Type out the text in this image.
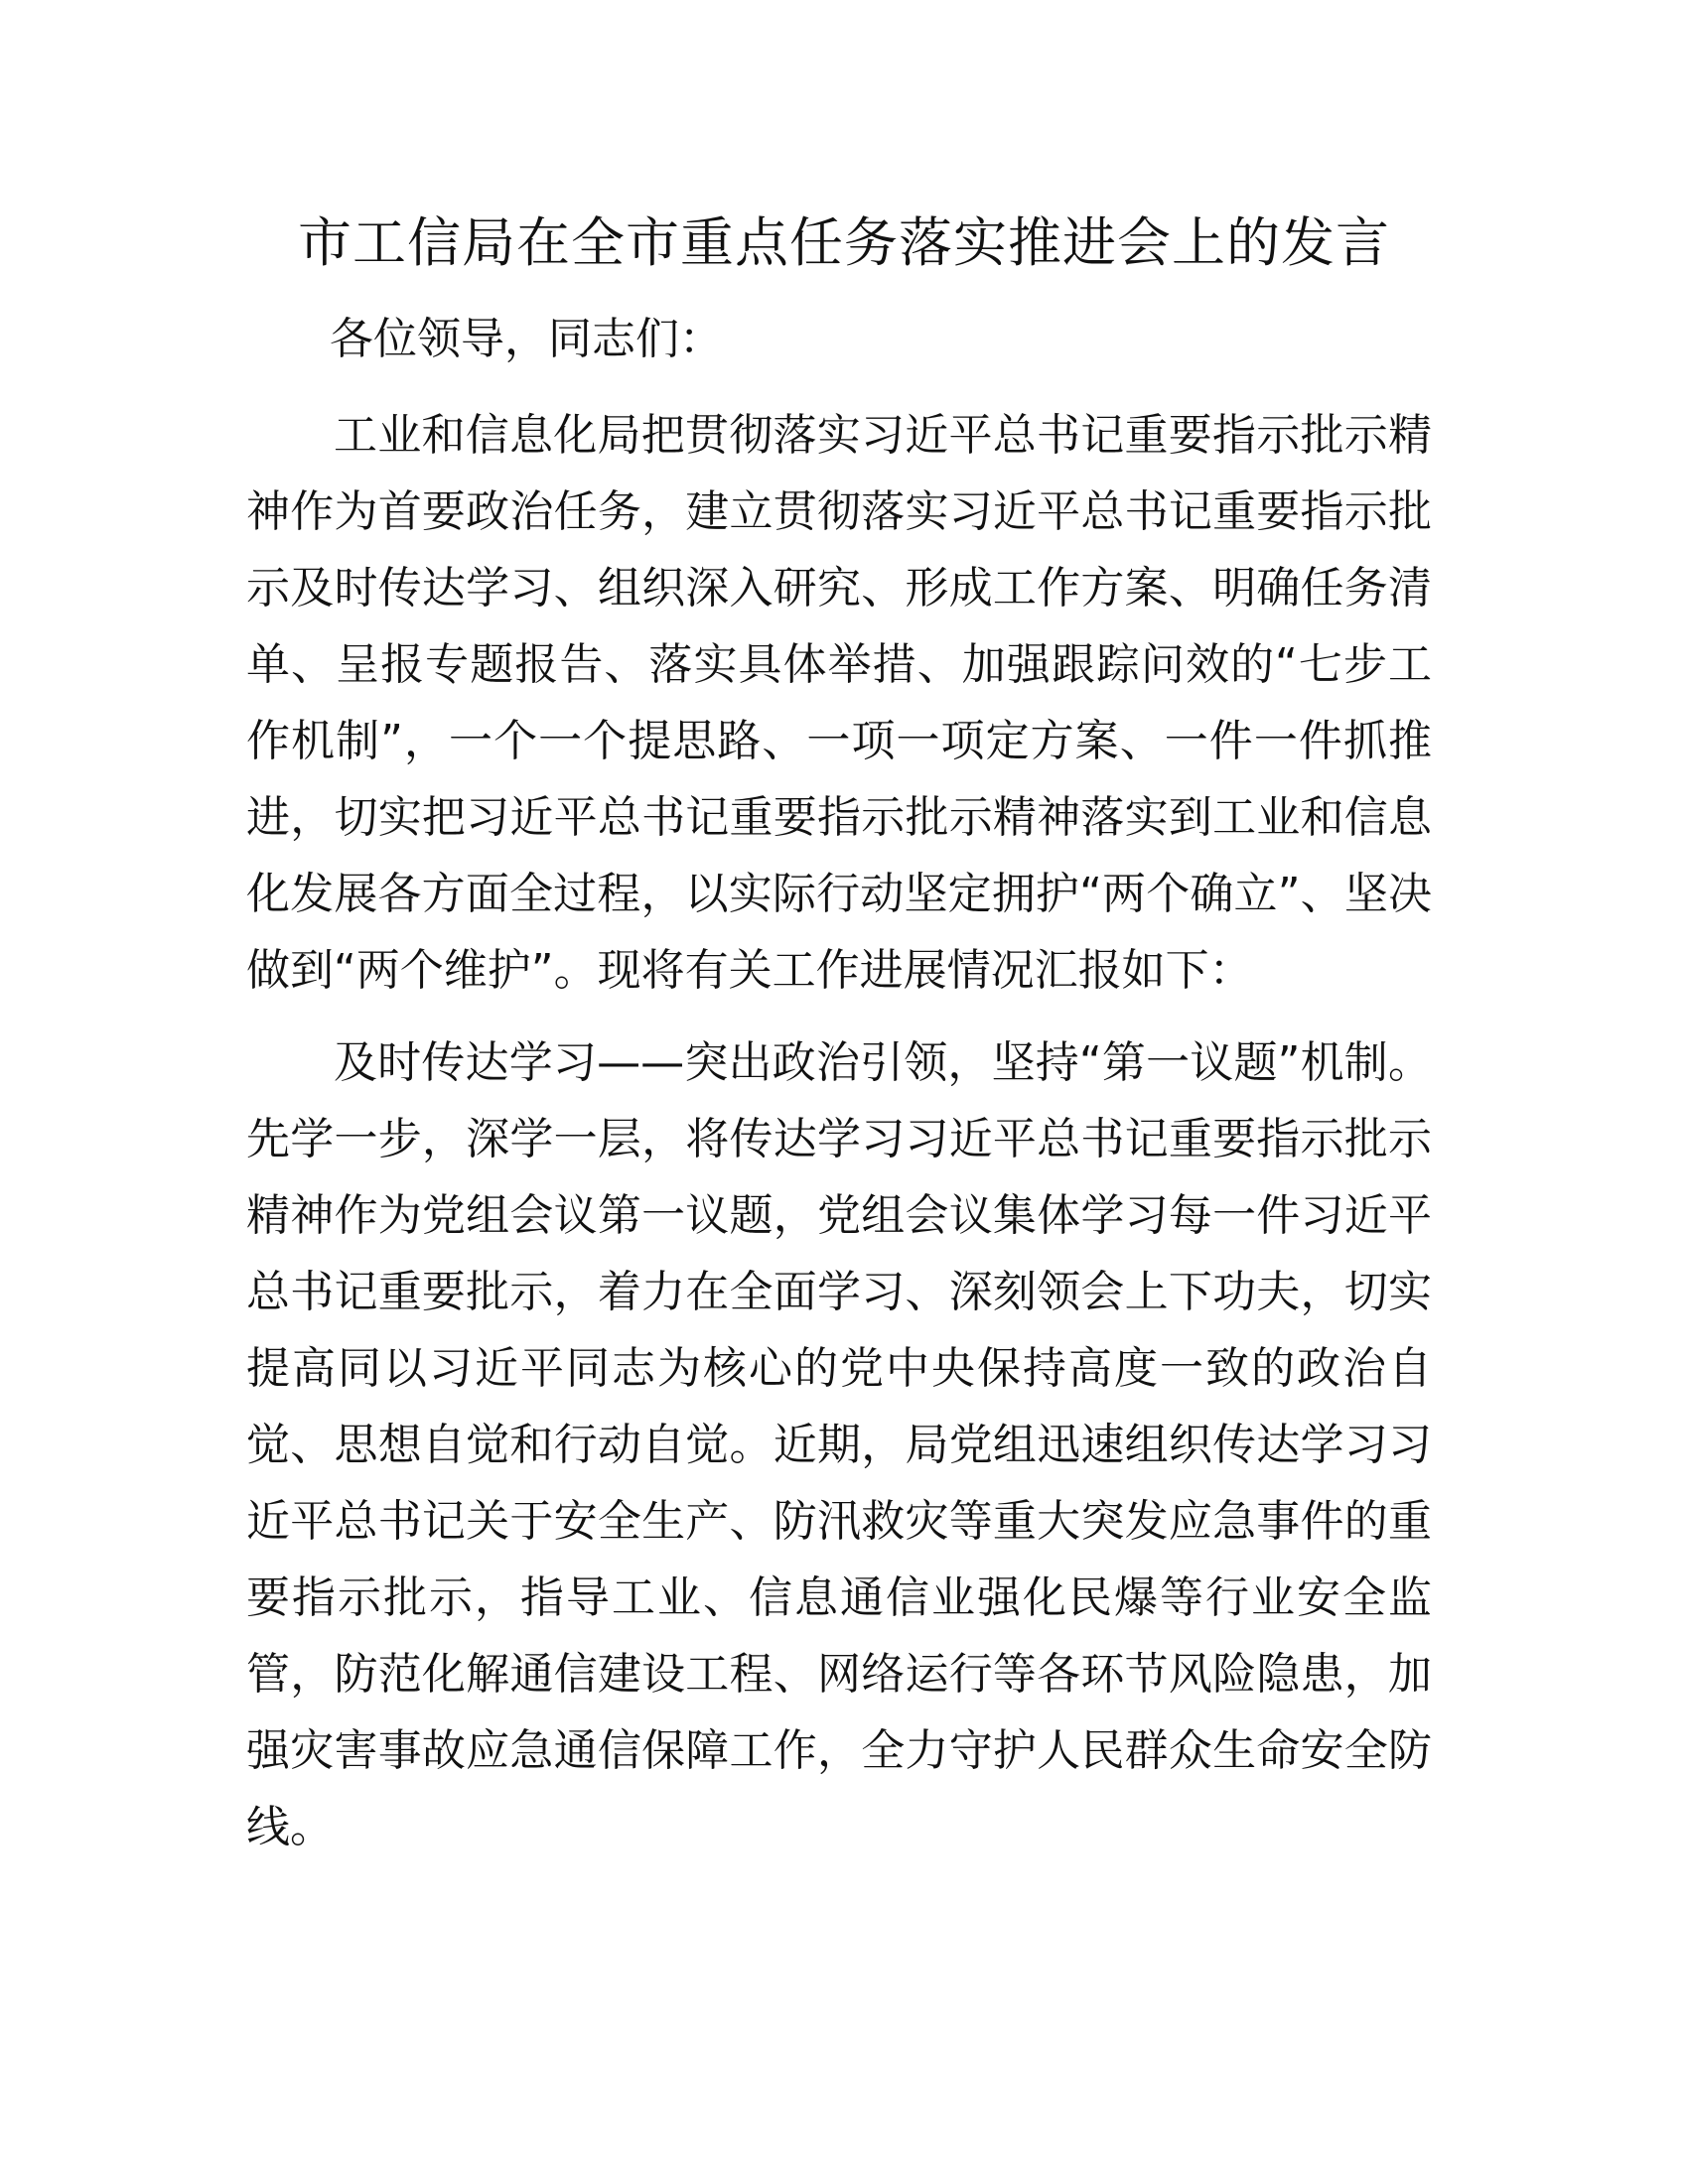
市工信局在全市重点任务落实推进会上的发言

各位领导，同志们：

工业和信息化局把贯彻落实习近平总书记重要指示批示精神作为首要政治任务，建立贯彻落实习近平总书记重要指示批示及时传达学习、组织深入研究、形成工作方案、明确任务清单、呈报专题报告、落实具体举措、加强跟踪问效的“七步工作机制”，一个一个提思路、一项一项定方案、一件一件抓推进，切实把习近平总书记重要指示批示精神落实到工业和信息化发展各方面全过程，以实际行动坚定拥护“两个确立”、坚决做到“两个维护”。现将有关工作进展情况汇报如下：

及时传达学习——突出政治引领，坚持“第一议题”机制。先学一步，深学一层，将传达学习习近平总书记重要指示批示精神作为党组会议第一议题，党组会议集体学习每一件习近平总书记重要批示，着力在全面学习、深刻领会上下功夫，切实提高同以习近平同志为核心的党中央保持高度一致的政治自觉、思想自觉和行动自觉。近期，局党组迅速组织传达学习习近平总书记关于安全生产、防汛救灾等重大突发应急事件的重要指示批示，指导工业、信息通信业强化民爆等行业安全监管，防范化解通信建设工程、网络运行等各环节风险隐患，加强灾害事故应急通信保障工作，全力守护人民群众生命安全防线。
